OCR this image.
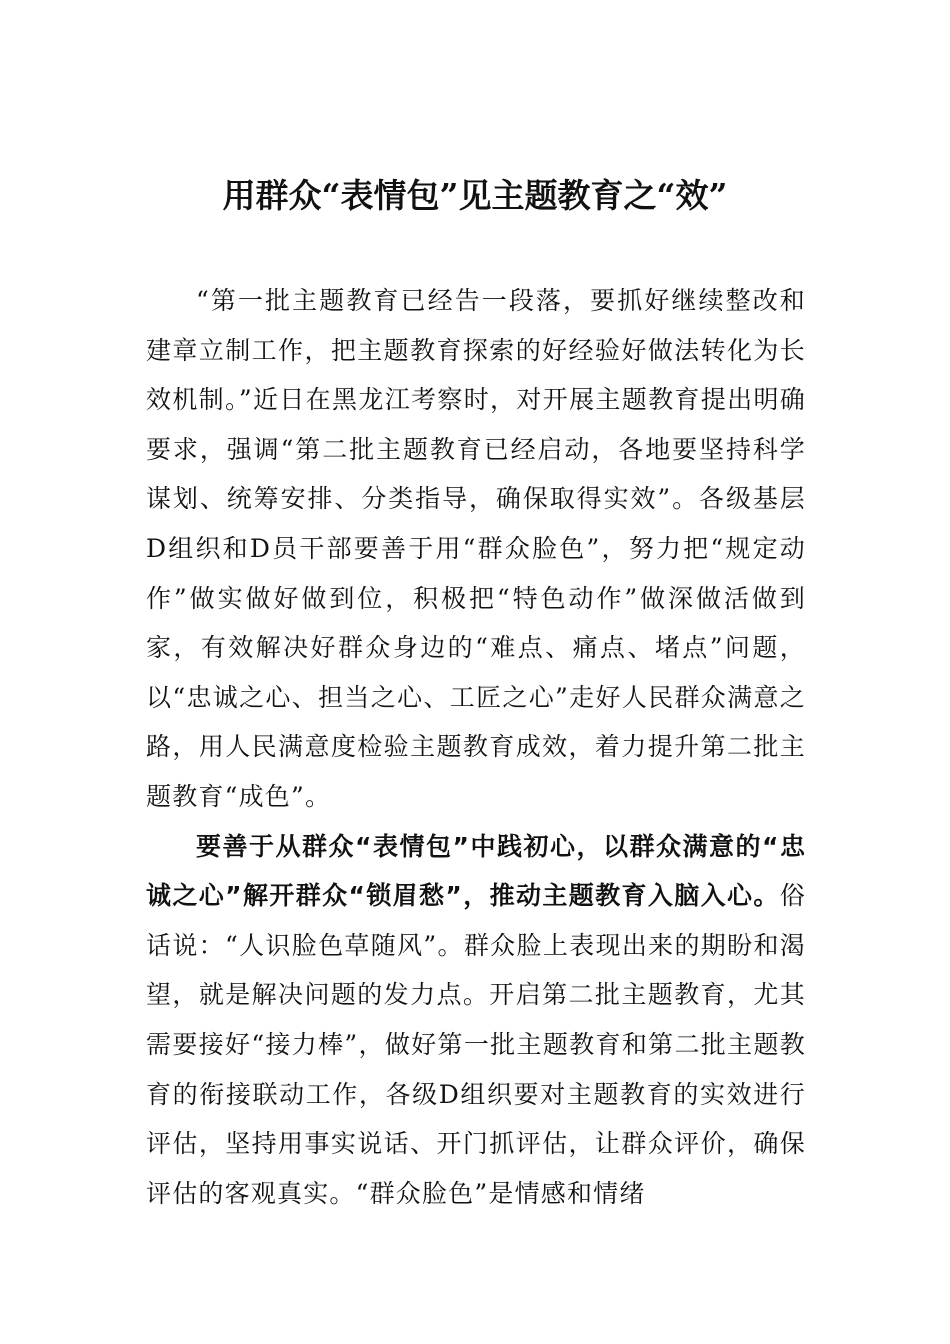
用群众“表情包”见主题教育之“效”

“第一批主题教育已经告一段落，要抓好继续整改和建章立制工作，把主题教育探索的好经验好做法转化为长效机制。”近日在黑龙江考察时，对开展主题教育提出明确要求，强调“第二批主题教育已经启动，各地要坚持科学谋划、统筹安排、分类指导，确保取得实效”。各级基层D组织和D员干部要善于用“群众脸色”，努力把“规定动作”做实做好做到位，积极把“特色动作”做深做活做到家，有效解决好群众身边的“难点、痛点、堵点”问题，以“忠诚之心、担当之心、工匠之心”走好人民群众满意之路，用人民满意度检验主题教育成效，着力提升第二批主题教育“成色”。

要善于从群众“表情包”中践初心，以群众满意的“忠诚之心”解开群众“锁眉愁”，推动主题教育入脑入心。俗话说：“人识脸色草随风”。群众脸上表现出来的期盼和渴望，就是解决问题的发力点。开启第二批主题教育，尤其需要接好“接力棒”，做好第一批主题教育和第二批主题教育的衔接联动工作，各级D组织要对主题教育的实效进行评估，坚持用事实说话、开门抓评估，让群众评价，确保评估的客观真实。“群众脸色”是情感和情绪
